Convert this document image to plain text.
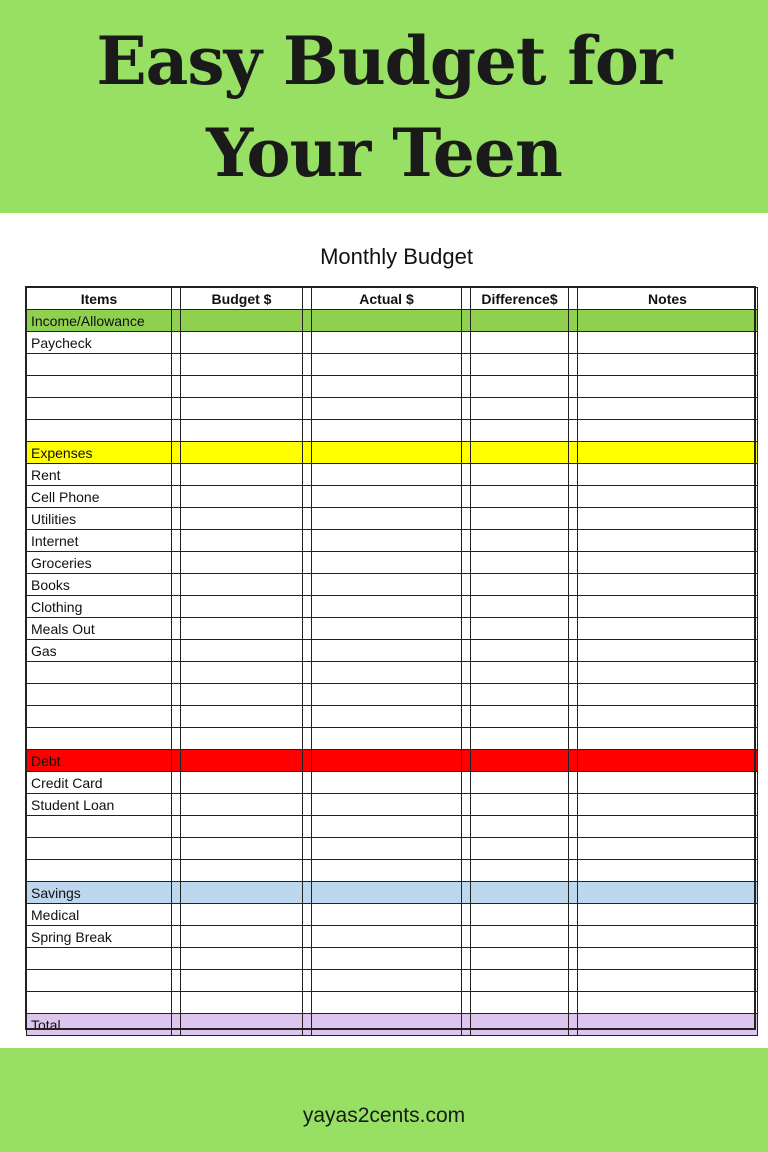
Easy Budget for
Your Teen
Monthly Budget
Items		Budget $		Actual $		Difference$		Notes
Income/Allowance								
Paycheck								

Expenses								
Rent								
Cell Phone								
Utilities								
Internet								
Groceries								
Books								
Clothing								
Meals Out								
Gas								

Debt								
Credit Card								
Student Loan								

Savings								
Medical								
Spring Break								

Total								
yayas2cents.com
